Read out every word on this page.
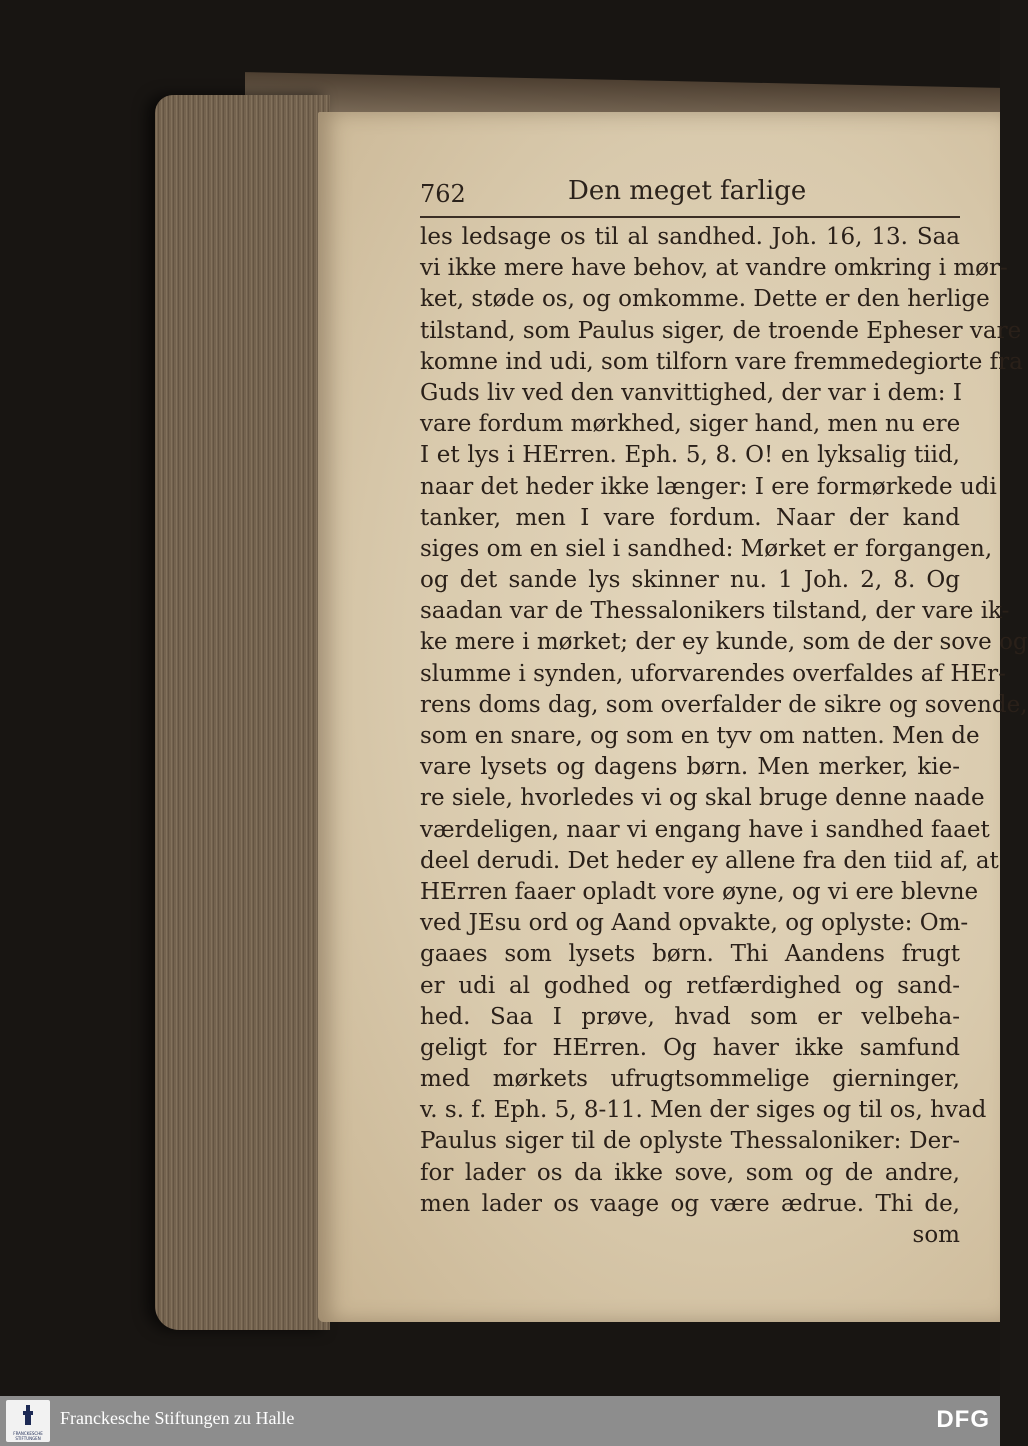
762	Den meget farlige
les ledsage os til al sandhed. Joh. 16, 13. Saa
vi ikke mere have behov, at vandre omkring i mør-
ket, støde os, og omkomme. Dette er den herlige
tilstand, som Paulus siger, de troende Epheser vare
komne ind udi, som tilforn vare fremmedegiorte fra
Guds liv ved den vanvittighed, der var i dem: I
vare fordum mørkhed, siger hand, men nu ere
I et lys i HErren. Eph. 5, 8. O! en lyksalig tiid,
naar det heder ikke længer: I ere formørkede udi
tanker, men I vare fordum. Naar der kand
siges om en siel i sandhed: Mørket er forgangen,
og det sande lys skinner nu. 1 Joh. 2, 8. Og
saadan var de Thessalonikers tilstand, der vare ik-
ke mere i mørket; der ey kunde, som de der sove og
slumme i synden, uforvarendes overfaldes af HEr-
rens doms dag, som overfalder de sikre og sovende,
som en snare, og som en tyv om natten. Men de
vare lysets og dagens børn. Men merker, kie-
re siele, hvorledes vi og skal bruge denne naade
værdeligen, naar vi engang have i sandhed faaet
deel derudi. Det heder ey allene fra den tiid af, at
HErren faaer opladt vore øyne, og vi ere blevne
ved JEsu ord og Aand opvakte, og oplyste: Om-
gaaes som lysets børn. Thi Aandens frugt
er udi al godhed og retfærdighed og sand-
hed. Saa I prøve, hvad som er velbeha-
geligt for HErren. Og haver ikke samfund
med mørkets ufrugtsommelige gierninger,
v. s. f. Eph. 5, 8-11. Men der siges og til os, hvad
Paulus siger til de oplyste Thessaloniker: Der-
for lader os da ikke sove, som og de andre,
men lader os vaage og være ædrue. Thi de,
som
FRANCKESCHE STIFTUNGEN
Franckesche Stiftungen zu Halle	DFG
